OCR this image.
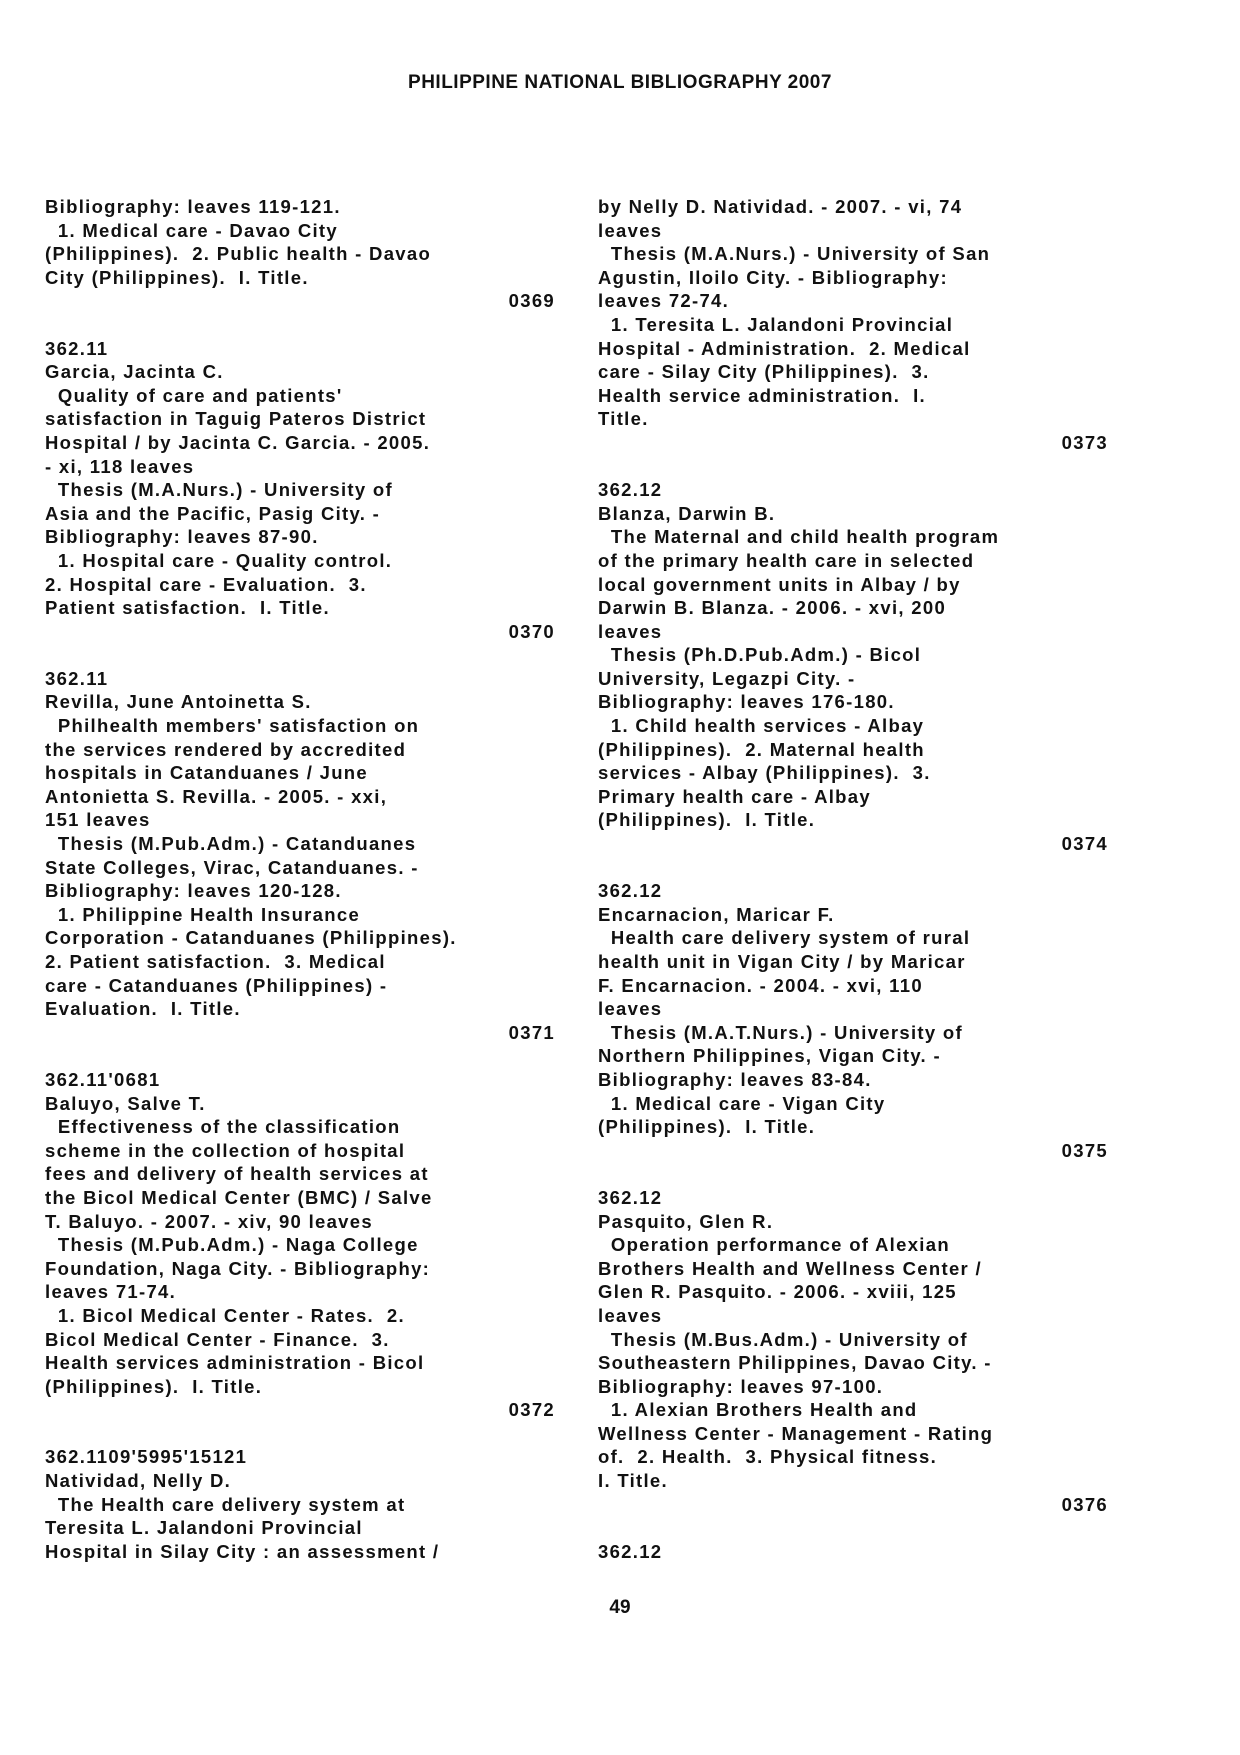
PHILIPPINE NATIONAL BIBLIOGRAPHY 2007
Bibliography: leaves 119-121.
1. Medical care - Davao City
(Philippines).  2. Public health - Davao
City (Philippines).  I. Title.
0369
362.11
Garcia, Jacinta C.
Quality of care and patients'
satisfaction in Taguig Pateros District
Hospital / by Jacinta C. Garcia. - 2005.
- xi, 118 leaves
Thesis (M.A.Nurs.) - University of
Asia and the Pacific, Pasig City. -
Bibliography: leaves 87-90.
1. Hospital care - Quality control.
2. Hospital care - Evaluation.  3.
Patient satisfaction.  I. Title.
0370
362.11
Revilla, June Antoinetta S.
Philhealth members' satisfaction on
the services rendered by accredited
hospitals in Catanduanes / June
Antonietta S. Revilla. - 2005. - xxi,
151 leaves
Thesis (M.Pub.Adm.) - Catanduanes
State Colleges, Virac, Catanduanes. -
Bibliography: leaves 120-128.
1. Philippine Health Insurance
Corporation - Catanduanes (Philippines).
2. Patient satisfaction.  3. Medical
care - Catanduanes (Philippines) -
Evaluation.  I. Title.
0371
362.11'0681
Baluyo, Salve T.
Effectiveness of the classification
scheme in the collection of hospital
fees and delivery of health services at
the Bicol Medical Center (BMC) / Salve
T. Baluyo. - 2007. - xiv, 90 leaves
Thesis (M.Pub.Adm.) - Naga College
Foundation, Naga City. - Bibliography:
leaves 71-74.
1. Bicol Medical Center - Rates.  2.
Bicol Medical Center - Finance.  3.
Health services administration - Bicol
(Philippines).  I. Title.
0372
362.1109'5995'15121
Natividad, Nelly D.
The Health care delivery system at
Teresita L. Jalandoni Provincial
Hospital in Silay City : an assessment /
by Nelly D. Natividad. - 2007. - vi, 74
leaves
Thesis (M.A.Nurs.) - University of San
Agustin, Iloilo City. - Bibliography:
leaves 72-74.
1. Teresita L. Jalandoni Provincial
Hospital - Administration.  2. Medical
care - Silay City (Philippines).  3.
Health service administration.  I.
Title.
0373
362.12
Blanza, Darwin B.
The Maternal and child health program
of the primary health care in selected
local government units in Albay / by
Darwin B. Blanza. - 2006. - xvi, 200
leaves
Thesis (Ph.D.Pub.Adm.) - Bicol
University, Legazpi City. -
Bibliography: leaves 176-180.
1. Child health services - Albay
(Philippines).  2. Maternal health
services - Albay (Philippines).  3.
Primary health care - Albay
(Philippines).  I. Title.
0374
362.12
Encarnacion, Maricar F.
Health care delivery system of rural
health unit in Vigan City / by Maricar
F. Encarnacion. - 2004. - xvi, 110
leaves
Thesis (M.A.T.Nurs.) - University of
Northern Philippines, Vigan City. -
Bibliography: leaves 83-84.
1. Medical care - Vigan City
(Philippines).  I. Title.
0375
362.12
Pasquito, Glen R.
Operation performance of Alexian
Brothers Health and Wellness Center /
Glen R. Pasquito. - 2006. - xviii, 125
leaves
Thesis (M.Bus.Adm.) - University of
Southeastern Philippines, Davao City. -
Bibliography: leaves 97-100.
1. Alexian Brothers Health and
Wellness Center - Management - Rating
of.  2. Health.  3. Physical fitness.
I. Title.
0376
362.12
49
